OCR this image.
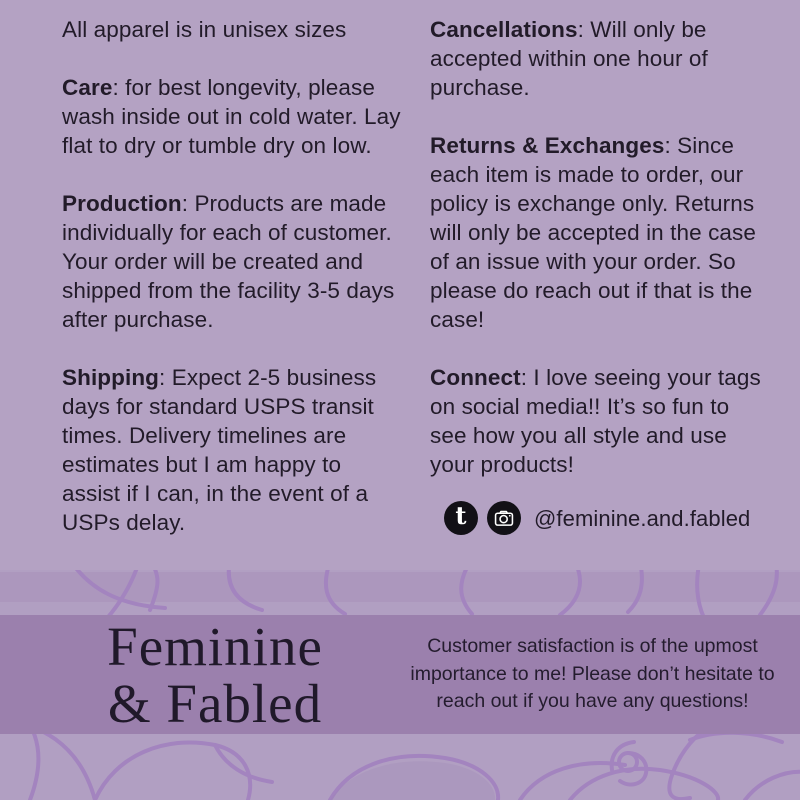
Feminine
& Fabled
Customer satisfaction is of the upmost importance to me! Please don’t hesitate to reach out if you have any questions!

All apparel is in unisex sizes

Care: for best longevity, please wash inside out in cold water. Lay flat to dry or tumble dry on low.

Production: Products are made individually for each of customer. Your order will be created and shipped from the facility 3-5 days after purchase.

Shipping: Expect 2-5 business days for standard USPS transit times. Delivery timelines are estimates but I am happy to assist if I can, in the event of a USPs delay.

Cancellations: Will only be accepted within one hour of purchase.

Returns & Exchanges: Since each item is made to order, our policy is exchange only. Returns will only be accepted in the case of an issue with your order. So please do reach out if that is the case!

Connect: I love seeing your tags on social media!! It’s so fun to see how you all style and use your products!

t	@feminine.and.fabled
